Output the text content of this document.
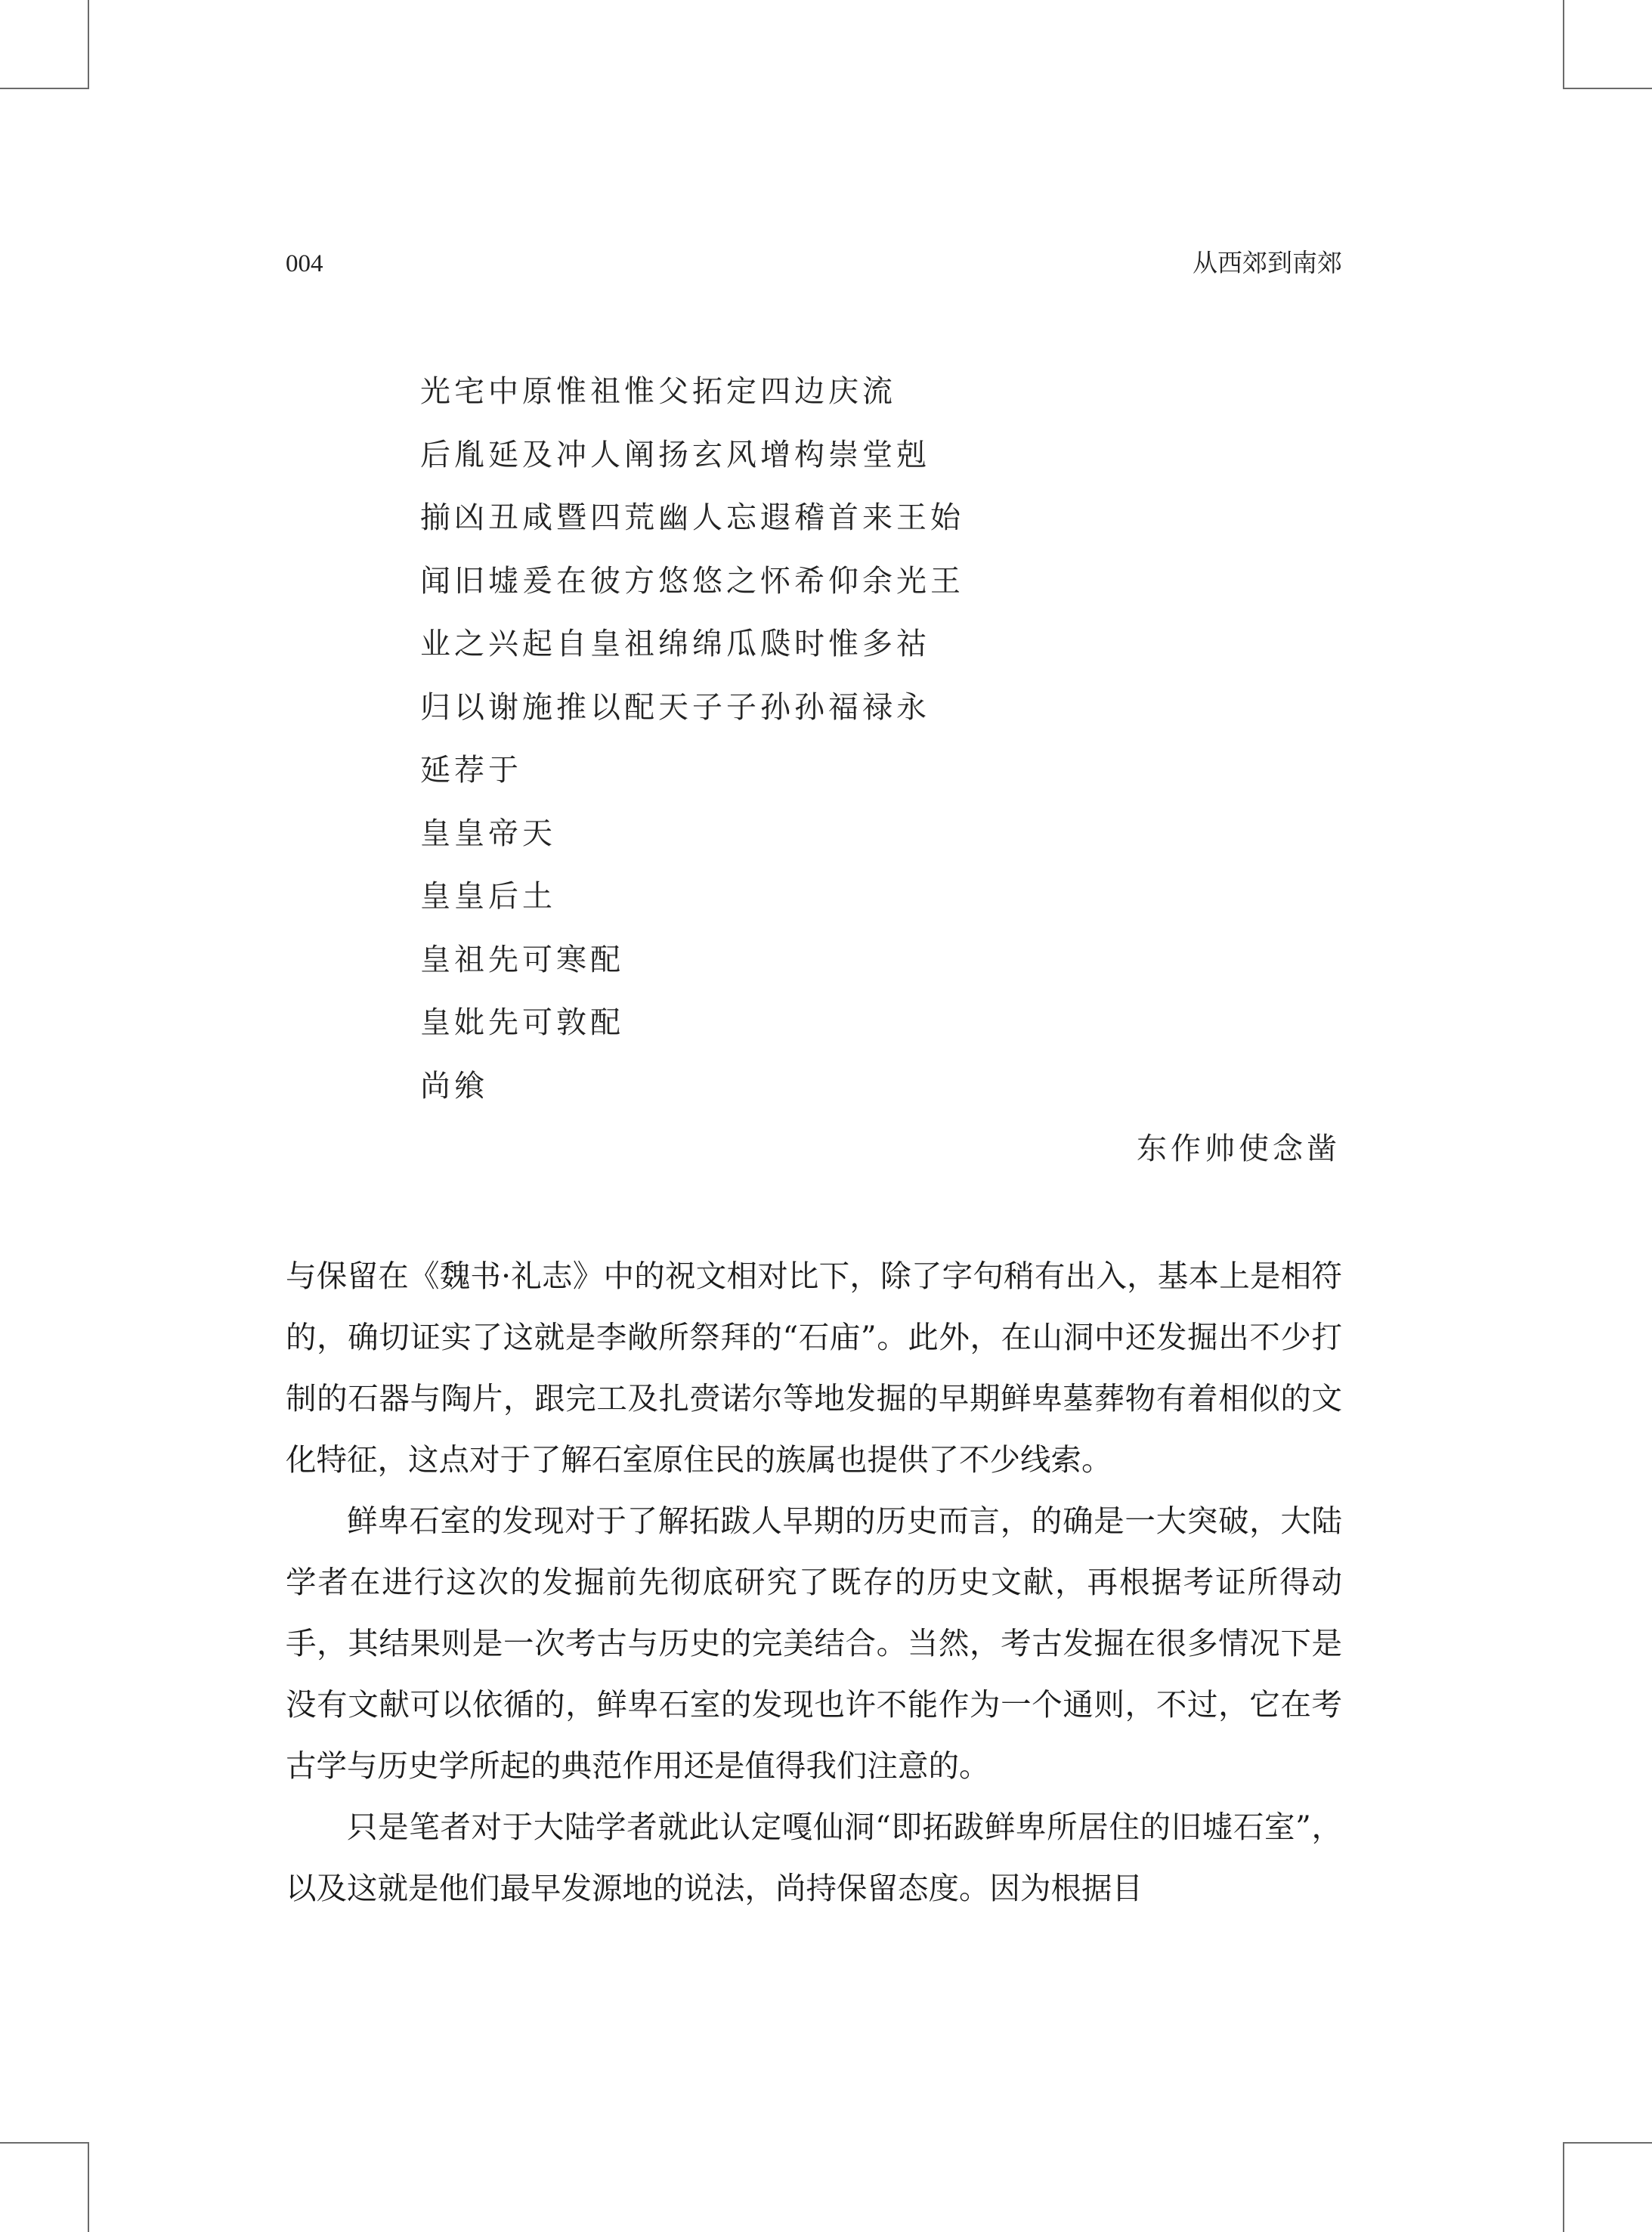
004	从西郊到南郊
光宅中原惟祖惟父拓定四边庆流
后胤延及冲人阐扬玄风增构崇堂剋
揃凶丑咸暨四荒幽人忘遐稽首来王始
闻旧墟爰在彼方悠悠之怀希仰余光王
业之兴起自皇祖绵绵瓜瓞时惟多祜
归以谢施推以配天子子孙孙福禄永
延荐于
皇皇帝天
皇皇后土
皇祖先可寒配
皇妣先可敦配
尚飨
东作帅使念凿

与保留在《魏书·礼志》中的祝文相对比下，除了字句稍有出入，基本上是相符的，确切证实了这就是李敞所祭拜的“石庙”。此外，在山洞中还发掘出不少打制的石器与陶片，跟完工及扎赍诺尔等地发掘的早期鲜卑墓葬物有着相似的文化特征，这点对于了解石室原住民的族属也提供了不少线索。

鲜卑石室的发现对于了解拓跋人早期的历史而言，的确是一大突破，大陆学者在进行这次的发掘前先彻底研究了既存的历史文献，再根据考证所得动手，其结果则是一次考古与历史的完美结合。当然，考古发掘在很多情况下是没有文献可以依循的，鲜卑石室的发现也许不能作为一个通则，不过，它在考古学与历史学所起的典范作用还是值得我们注意的。

只是笔者对于大陆学者就此认定嘎仙洞“即拓跋鲜卑所居住的旧墟石室”，以及这就是他们最早发源地的说法，尚持保留态度。因为根据目
